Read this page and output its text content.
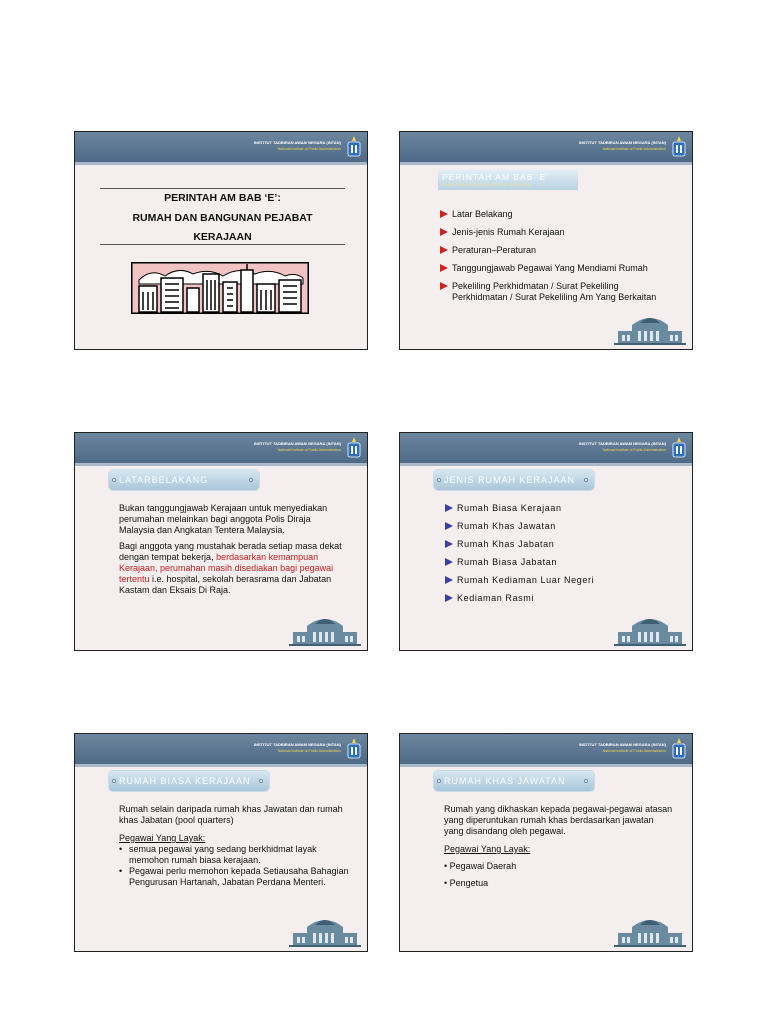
INSTITUT TADBIRAN AWAM NEGARA (INTAN)
National Institute of Public Administration
PERINTAH AM BAB ‘E’:
RUMAH DAN BANGUNAN PEJABAT
KERAJAAN
INSTITUT TADBIRAN AWAM NEGARA (INTAN)
National Institute of Public Administration
PERINTAH AM BAB ‘E’
RUMAH DAN BANGUNAN PEJABAT KERAJAAN
Latar Belakang
Jenis-jenis Rumah Kerajaan
Peraturan–Peraturan
Tanggungjawab Pegawai Yang Mendiami Rumah
Pekeliling Perkhidmatan / Surat Pekeliling Perkhidmatan / Surat Pekeliling Am Yang Berkaitan
INSTITUT TADBIRAN AWAM NEGARA (INTAN)
National Institute of Public Administration
LATARBELAKANG

Bukan tanggungjawab Kerajaan untuk menyediakan perumahan melainkan bagi anggota Polis Diraja Malaysia dan Angkatan Tentera Malaysia.

Bagi anggota yang mustahak berada setiap masa dekat dengan tempat bekerja, berdasarkan kemampuan Kerajaan, perumahan masih disediakan bagi pegawai tertentu i.e. hospital, sekolah berasrama dan Jabatan Kastam dan Eksais Di Raja.

INSTITUT TADBIRAN AWAM NEGARA (INTAN)
National Institute of Public Administration
JENIS RUMAH KERAJAAN
Rumah Biasa Kerajaan
Rumah Khas Jawatan
Rumah Khas Jabatan
Rumah Biasa Jabatan
Rumah Kediaman Luar Negeri
Kediaman Rasmi
INSTITUT TADBIRAN AWAM NEGARA (INTAN)
National Institute of Public Administration
RUMAH BIASA KERAJAAN

Rumah selain daripada rumah khas Jawatan dan rumah khas Jabatan (pool quarters)

Pegawai Yang Layak:
• semua pegawai yang sedang berkhidmat layak memohon rumah biasa kerajaan.
• Pegawai perlu memohon kepada Setiausaha Bahagian Pengurusan Hartanah, Jabatan Perdana Menteri.
INSTITUT TADBIRAN AWAM NEGARA (INTAN)
National Institute of Public Administration
RUMAH KHAS JAWATAN

Rumah yang dikhaskan kepada pegawai-pegawai atasan yang diperuntukan rumah khas berdasarkan jawatan yang disandang oleh pegawai.

Pegawai Yang Layak:
• Pegawai Daerah
• Pengetua
